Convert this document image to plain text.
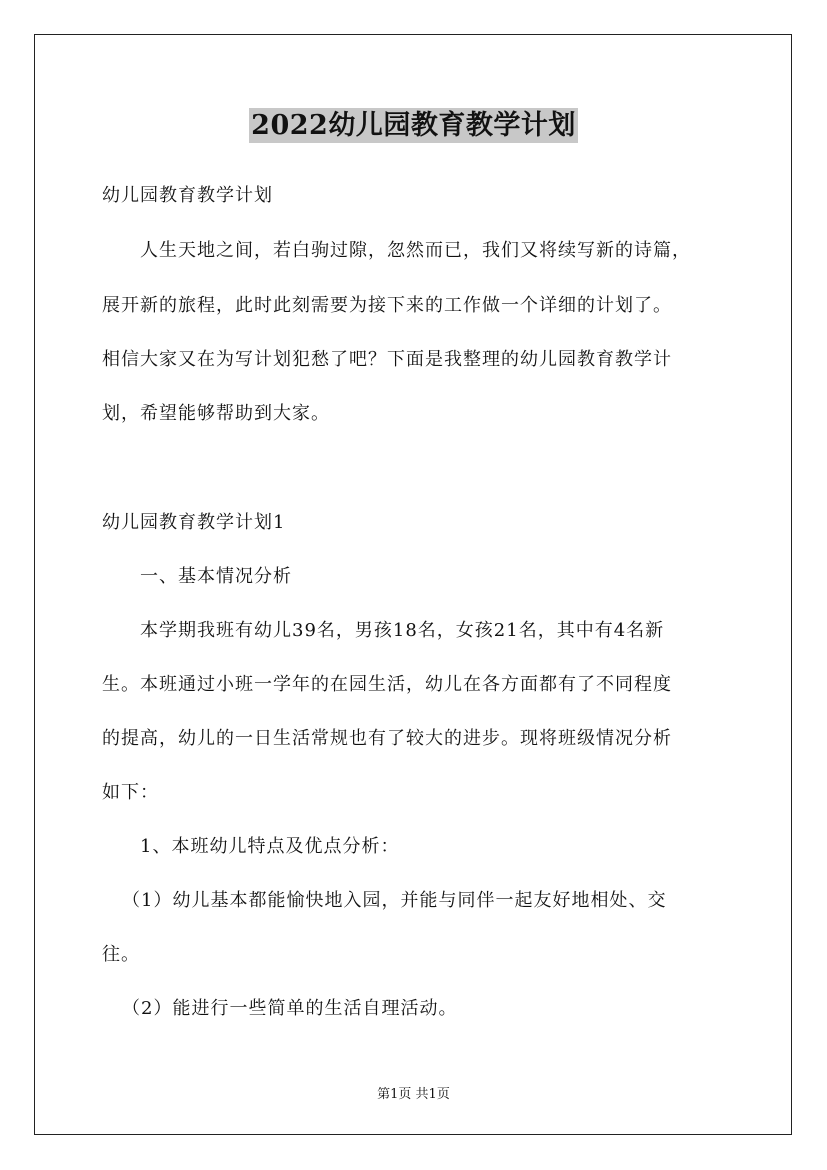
2022幼儿园教育教学计划
幼儿园教育教学计划
人生天地之间，若白驹过隙，忽然而已，我们又将续写新的诗篇，
展开新的旅程，此时此刻需要为接下来的工作做一个详细的计划了。
相信大家又在为写计划犯愁了吧？下面是我整理的幼儿园教育教学计
划，希望能够帮助到大家。
幼儿园教育教学计划1
一、基本情况分析
本学期我班有幼儿39名，男孩18名，女孩21名，其中有4名新
生。本班通过小班一学年的在园生活，幼儿在各方面都有了不同程度
的提高，幼儿的一日生活常规也有了较大的进步。现将班级情况分析
如下：
1、本班幼儿特点及优点分析：
（1）幼儿基本都能愉快地入园，并能与同伴一起友好地相处、交
往。
（2）能进行一些简单的生活自理活动。
第1页 共1页
